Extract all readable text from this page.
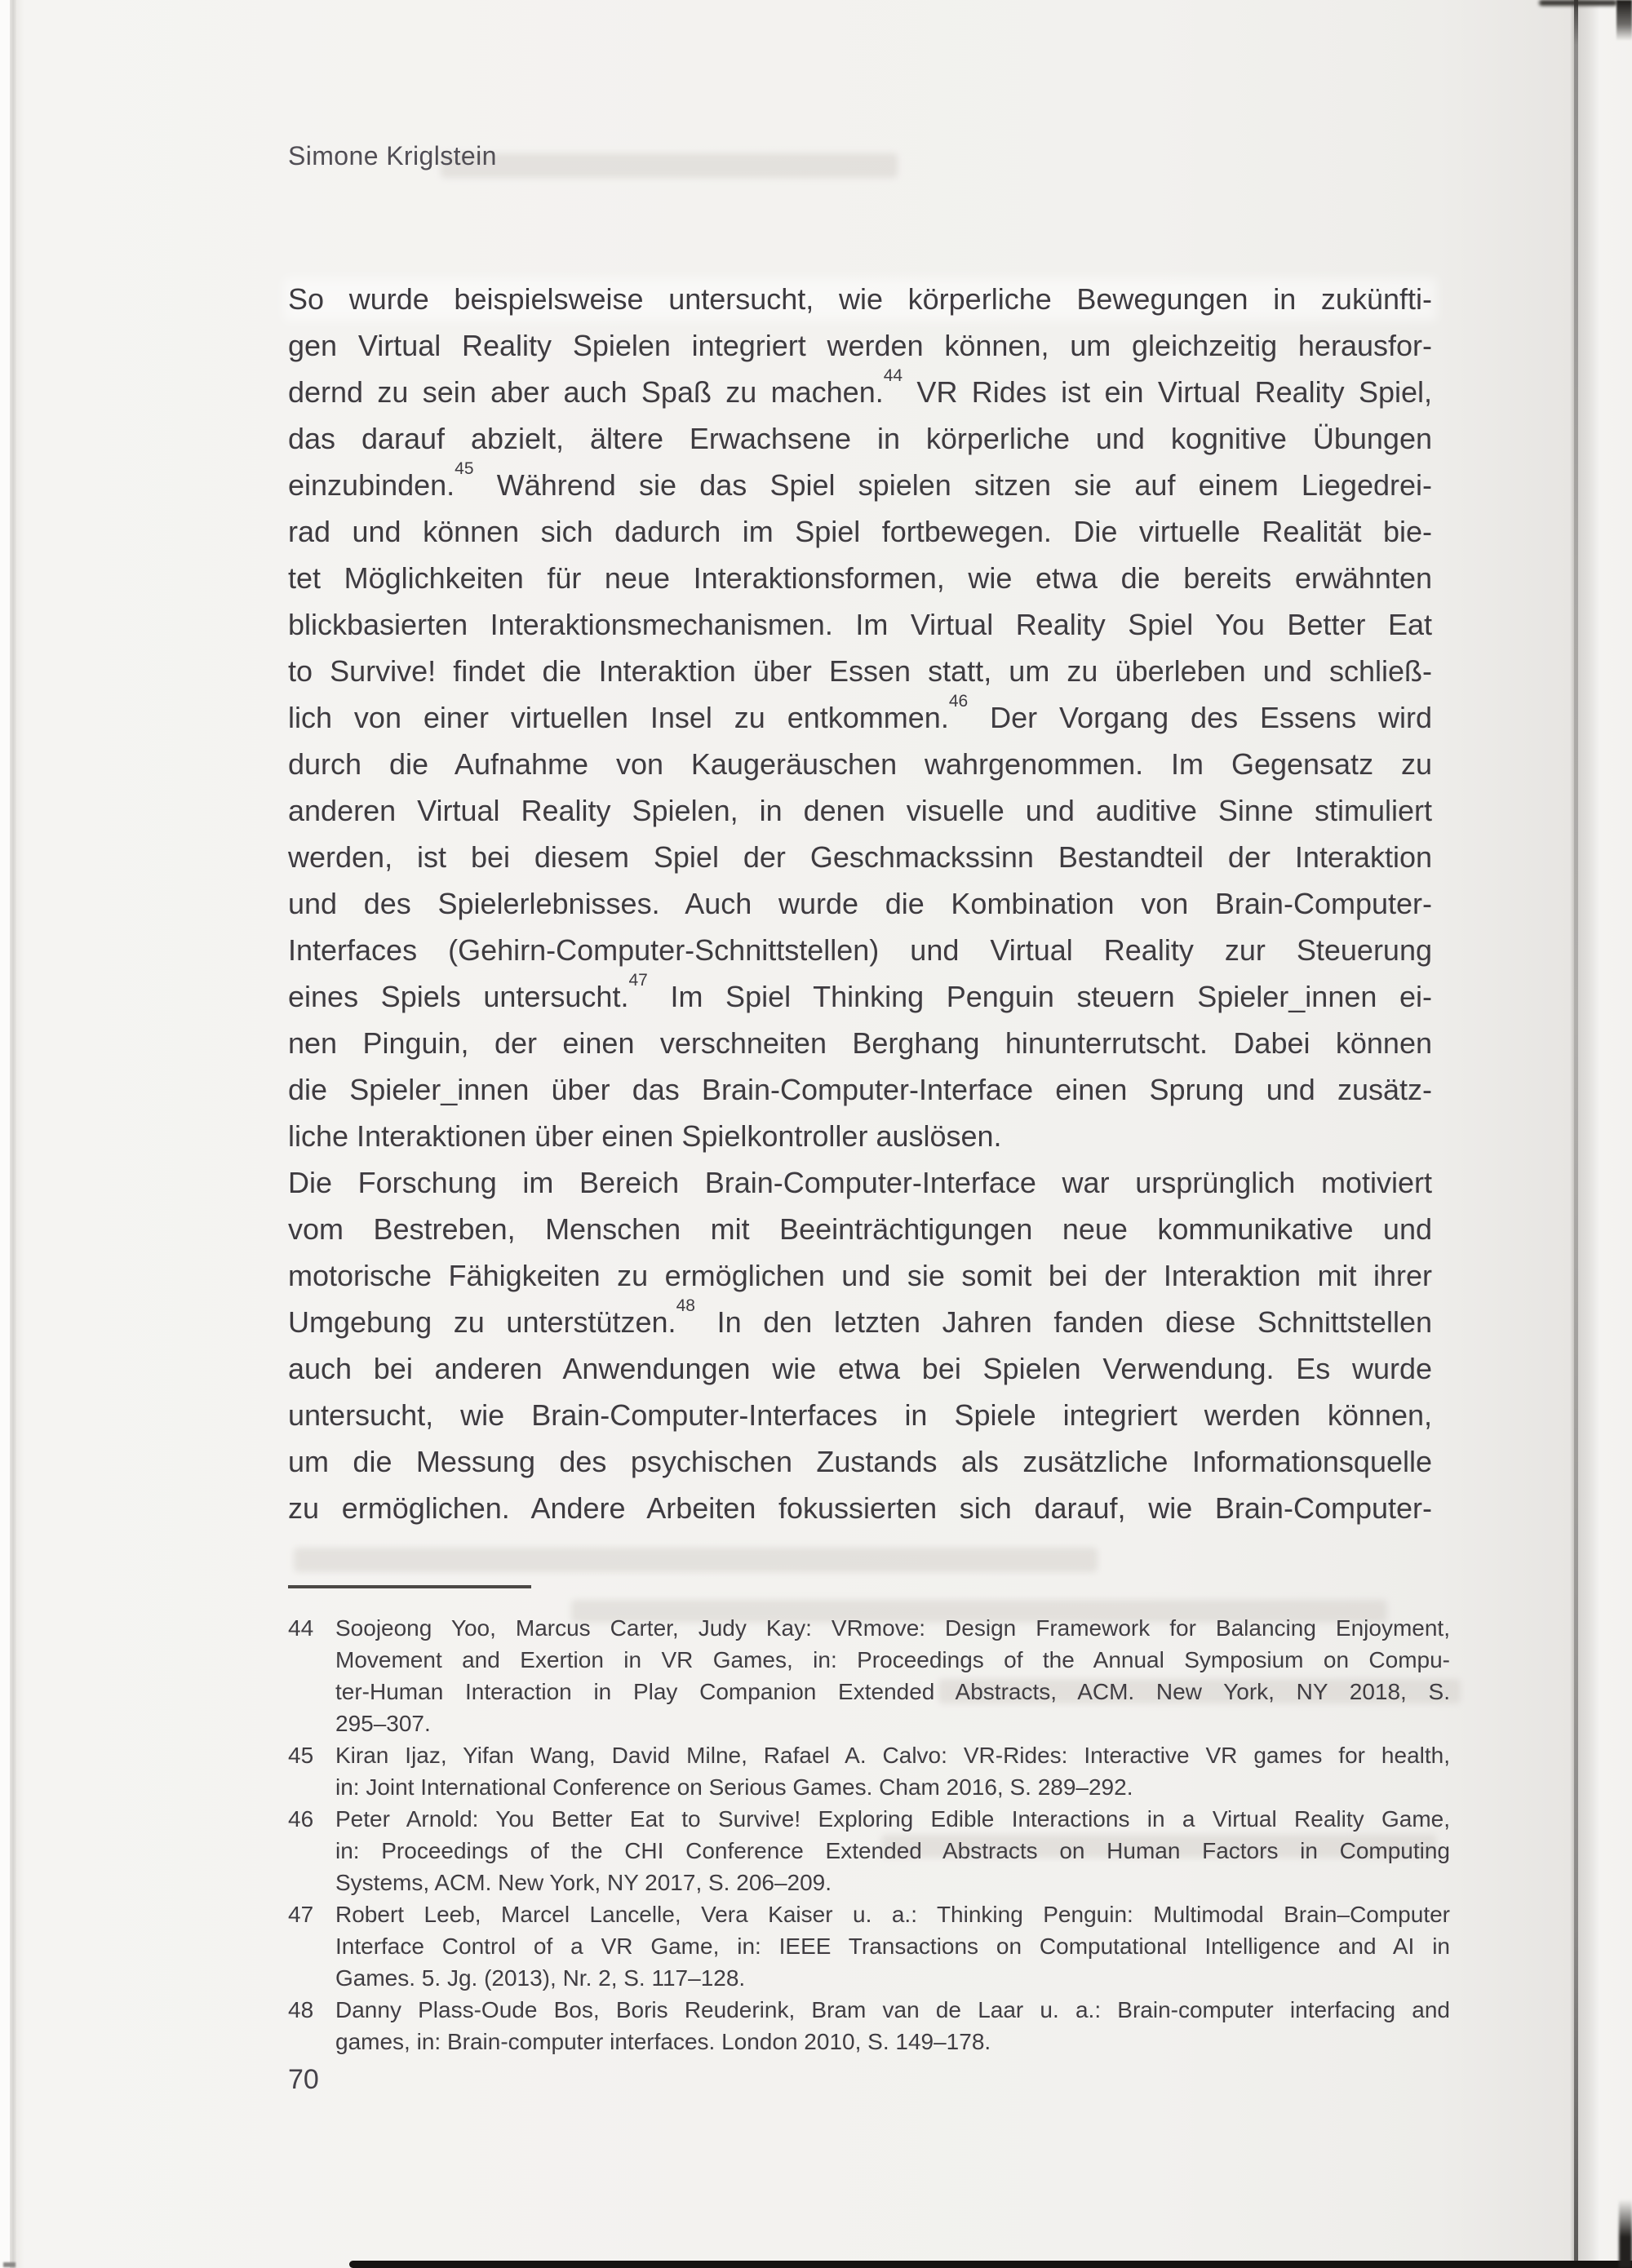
Simone Kriglstein
So wurde beispielsweise untersucht, wie körperliche Bewegungen in zukünfti-
gen Virtual Reality Spielen integriert werden können, um gleichzeitig herausfor-
dernd zu sein aber auch Spaß zu machen.$^{44}$ VR Rides ist ein Virtual Reality Spiel,
das darauf abzielt, ältere Erwachsene in körperliche und kognitive Übungen
einzubinden.$^{45}$ Während sie das Spiel spielen sitzen sie auf einem Liegedrei-
rad und können sich dadurch im Spiel fortbewegen. Die virtuelle Realität bie-
tet Möglichkeiten für neue Interaktionsformen, wie etwa die bereits erwähnten
blickbasierten Interaktionsmechanismen. Im Virtual Reality Spiel You Better Eat
to Survive! findet die Interaktion über Essen statt, um zu überleben und schließ-
lich von einer virtuellen Insel zu entkommen.$^{46}$ Der Vorgang des Essens wird
durch die Aufnahme von Kaugeräuschen wahrgenommen. Im Gegensatz zu
anderen Virtual Reality Spielen, in denen visuelle und auditive Sinne stimuliert
werden, ist bei diesem Spiel der Geschmackssinn Bestandteil der Interaktion
und des Spielerlebnisses. Auch wurde die Kombination von Brain-Computer-
Interfaces (Gehirn-Computer-Schnittstellen) und Virtual Reality zur Steuerung
eines Spiels untersucht.$^{47}$ Im Spiel Thinking Penguin steuern Spieler_innen ei-
nen Pinguin, der einen verschneiten Berghang hinunterrutscht. Dabei können
die Spieler_innen über das Brain-Computer-Interface einen Sprung und zusätz-
liche Interaktionen über einen Spielkontroller auslösen.
Die Forschung im Bereich Brain-Computer-Interface war ursprünglich motiviert
vom Bestreben, Menschen mit Beeinträchtigungen neue kommunikative und
motorische Fähigkeiten zu ermöglichen und sie somit bei der Interaktion mit ihrer
Umgebung zu unterstützen.$^{48}$ In den letzten Jahren fanden diese Schnittstellen
auch bei anderen Anwendungen wie etwa bei Spielen Verwendung. Es wurde
untersucht, wie Brain-Computer-Interfaces in Spiele integriert werden können,
um die Messung des psychischen Zustands als zusätzliche Informationsquelle
zu ermöglichen. Andere Arbeiten fokussierten sich darauf, wie Brain-Computer-
44 Soojeong Yoo, Marcus Carter, Judy Kay: VRmove: Design Framework for Balancing Enjoyment,
Movement and Exertion in VR Games, in: Proceedings of the Annual Symposium on Compu-
ter-Human Interaction in Play Companion Extended Abstracts, ACM. New York, NY 2018, S.
295–307.
45 Kiran Ijaz, Yifan Wang, David Milne, Rafael A. Calvo: VR-Rides: Interactive VR games for health,
in: Joint International Conference on Serious Games. Cham 2016, S. 289–292.
46 Peter Arnold: You Better Eat to Survive! Exploring Edible Interactions in a Virtual Reality Game,
in: Proceedings of the CHI Conference Extended Abstracts on Human Factors in Computing
Systems, ACM. New York, NY 2017, S. 206–209.
47 Robert Leeb, Marcel Lancelle, Vera Kaiser u. a.: Thinking Penguin: Multimodal Brain–Computer
Interface Control of a VR Game, in: IEEE Transactions on Computational Intelligence and AI in
Games. 5. Jg. (2013), Nr. 2, S. 117–128.
48 Danny Plass-Oude Bos, Boris Reuderink, Bram van de Laar u. a.: Brain-computer interfacing and
games, in: Brain-computer interfaces. London 2010, S. 149–178.
70
